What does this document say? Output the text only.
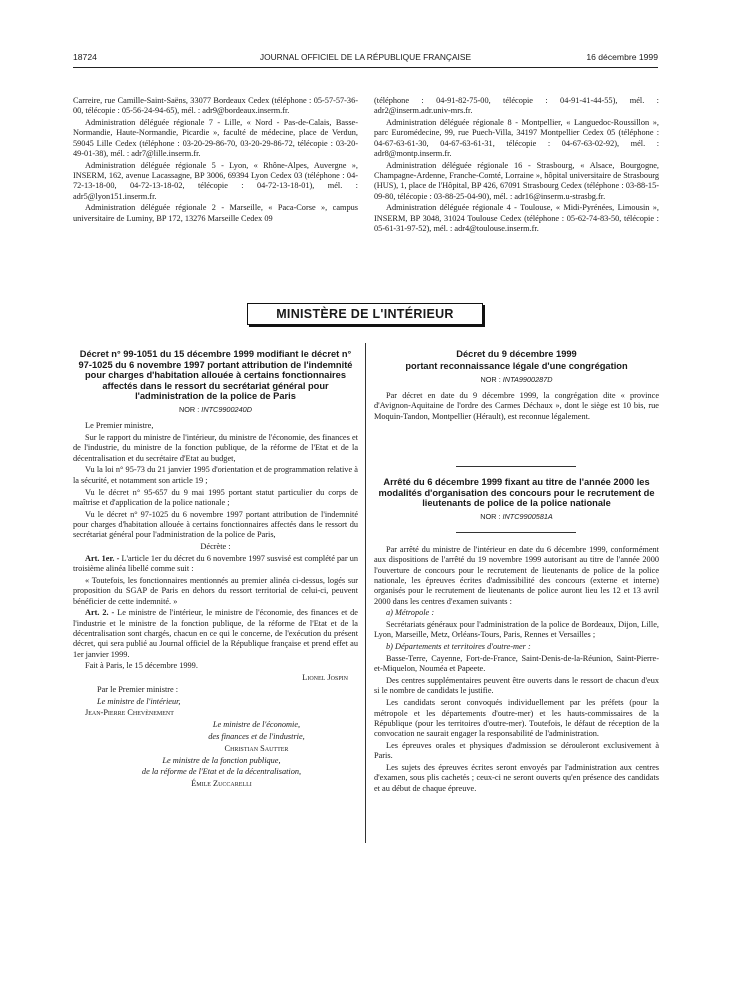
18724	JOURNAL OFFICIEL DE LA RÉPUBLIQUE FRANÇAISE	16 décembre 1999

Carreire, rue Camille-Saint-Saëns, 33077 Bordeaux Cedex (téléphone : 05-57-57-36-00, télécopie : 05-56-24-94-65), mél. : adr9@bordeaux.inserm.fr.

Administration déléguée régionale 7 - Lille, « Nord - Pas-de-Calais, Basse-Normandie, Haute-Normandie, Picardie », faculté de médecine, place de Verdun, 59045 Lille Cedex (téléphone : 03-20-29-86-70, 03-20-29-86-72, télécopie : 03-20-49-01-38), mél. : adr7@lille.inserm.fr.

Administration déléguée régionale 5 - Lyon, « Rhône-Alpes, Auvergne », INSERM, 162, avenue Lacassagne, BP 3006, 69394 Lyon Cedex 03 (téléphone : 04-72-13-18-00, 04-72-13-18-02, télécopie : 04-72-13-18-01), mél. : adr5@lyon151.inserm.fr.

Administration déléguée régionale 2 - Marseille, « Paca-Corse », campus universitaire de Luminy, BP 172, 13276 Marseille Cedex 09

(téléphone : 04-91-82-75-00, télécopie : 04-91-41-44-55), mél. : adr2@inserm.adr.univ-mrs.fr.

Administration déléguée régionale 8 - Montpellier, « Languedoc-Roussillon », parc Euromédecine, 99, rue Puech-Villa, 34197 Montpellier Cedex 05 (téléphone : 04-67-63-61-30, 04-67-63-61-31, télécopie : 04-67-63-02-92), mél. : adr8@montp.inserm.fr.

Administration déléguée régionale 16 - Strasbourg, « Alsace, Bourgogne, Champagne-Ardenne, Franche-Comté, Lorraine », hôpital universitaire de Strasbourg (HUS), 1, place de l'Hôpital, BP 426, 67091 Strasbourg Cedex (téléphone : 03-88-15-09-80, télécopie : 03-88-25-04-90), mél. : adr16@inserm.u-strasbg.fr.

Administration déléguée régionale 4 - Toulouse, « Midi-Pyrénées, Limousin », INSERM, BP 3048, 31024 Toulouse Cedex (téléphone : 05-62-74-83-50, télécopie : 05-61-31-97-52), mél. : adr4@toulouse.inserm.fr.

MINISTÈRE DE L'INTÉRIEUR

Décret n° 99-1051 du 15 décembre 1999 modifiant le décret n° 97-1025 du 6 novembre 1997 portant attribution de l'indemnité pour charges d'habitation allouée à certains fonctionnaires affectés dans le ressort du secrétariat général pour l'administration de la police de Paris

NOR : INTC9900240D

Le Premier ministre,

Sur le rapport du ministre de l'intérieur, du ministre de l'économie, des finances et de l'industrie, du ministre de la fonction publique, de la réforme de l'Etat et de la décentralisation et du secrétaire d'Etat au budget,

Vu la loi n° 95-73 du 21 janvier 1995 d'orientation et de programmation relative à la sécurité, et notamment son article 19 ;

Vu le décret n° 95-657 du 9 mai 1995 portant statut particulier du corps de maîtrise et d'application de la police nationale ;

Vu le décret n° 97-1025 du 6 novembre 1997 portant attribution de l'indemnité pour charges d'habitation allouée à certains fonctionnaires affectés dans le ressort du secrétariat général pour l'administration de la police de Paris,

Décrète :

Art. 1er. - L'article 1er du décret du 6 novembre 1997 susvisé est complété par un troisième alinéa libellé comme suit :

« Toutefois, les fonctionnaires mentionnés au premier alinéa ci-dessus, logés sur proposition du SGAP de Paris en dehors du ressort territorial de celui-ci, peuvent bénéficier de cette indemnité. »

Art. 2. - Le ministre de l'intérieur, le ministre de l'économie, des finances et de l'industrie et le ministre de la fonction publique, de la réforme de l'Etat et de la décentralisation sont chargés, chacun en ce qui le concerne, de l'exécution du présent décret, qui sera publié au Journal officiel de la République française et prend effet au 1er janvier 1999.

Fait à Paris, le 15 décembre 1999.

Lionel Jospin

Par le Premier ministre :

Le ministre de l'intérieur,

Jean-Pierre Chevènement

Le ministre de l'économie,

des finances et de l'industrie,

Christian Sautter

Le ministre de la fonction publique,

de la réforme de l'Etat et de la décentralisation,

Émile Zuccarelli

Décret du 9 décembre 1999

portant reconnaissance légale d'une congrégation

NOR : INTA9900287D

Par décret en date du 9 décembre 1999, la congrégation dite « province d'Avignon-Aquitaine de l'ordre des Carmes Déchaux », dont le siège est 10 bis, rue Moquin-Tandon, Montpellier (Hérault), est reconnue légalement.

Arrêté du 6 décembre 1999 fixant au titre de l'année 2000 les modalités d'organisation des concours pour le recrutement de lieutenants de police de la police nationale

NOR : INTC9900581A

Par arrêté du ministre de l'intérieur en date du 6 décembre 1999, conformément aux dispositions de l'arrêté du 19 novembre 1999 autorisant au titre de l'année 2000 l'ouverture de concours pour le recrutement de lieutenants de police de la police nationale, les épreuves écrites d'admissibilité des concours (externe et interne) organisés pour le recrutement de lieutenants de police auront lieu les 12 et 13 avril 2000 dans les centres d'examen suivants :

a) Métropole :

Secrétariats généraux pour l'administration de la police de Bordeaux, Dijon, Lille, Lyon, Marseille, Metz, Orléans-Tours, Paris, Rennes et Versailles ;

b) Départements et territoires d'outre-mer :

Basse-Terre, Cayenne, Fort-de-France, Saint-Denis-de-la-Réunion, Saint-Pierre-et-Miquelon, Nouméa et Papeete.

Des centres supplémentaires peuvent être ouverts dans le ressort de chacun d'eux si le nombre de candidats le justifie.

Les candidats seront convoqués individuellement par les préfets (pour la métropole et les départements d'outre-mer) et les hauts-commissaires de la République (pour les territoires d'outre-mer). Toutefois, le défaut de réception de la convocation ne saurait engager la responsabilité de l'administration.

Les épreuves orales et physiques d'admission se dérouleront exclusivement à Paris.

Les sujets des épreuves écrites seront envoyés par l'administration aux centres d'examen, sous plis cachetés ; ceux-ci ne seront ouverts qu'en présence des candidats et au début de chaque épreuve.
